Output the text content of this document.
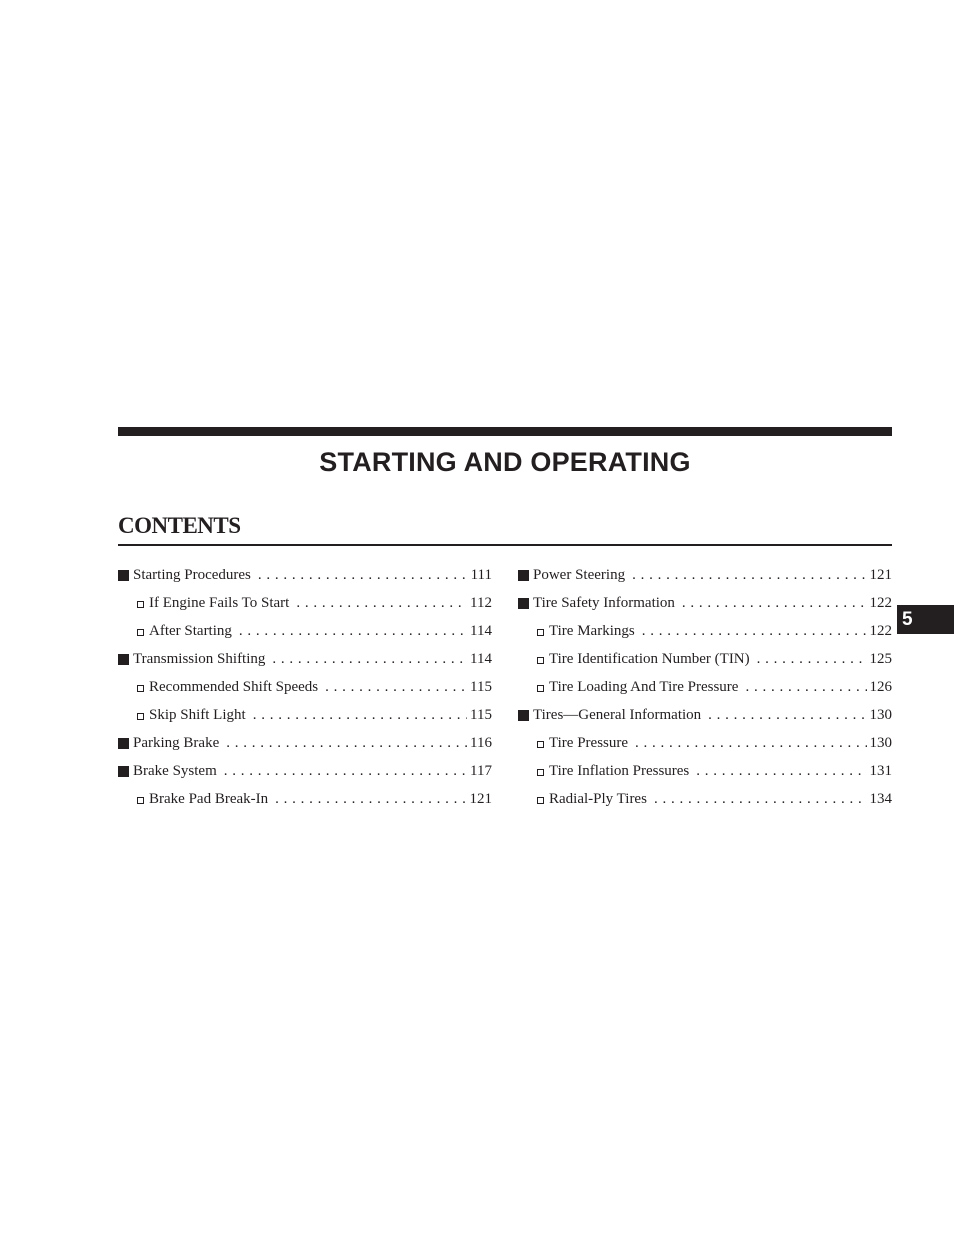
STARTING AND OPERATING
CONTENTS
Starting Procedures . . .	111
If Engine Fails To Start . . .	112
After Starting . . .	114
Transmission Shifting . . .	114
Recommended Shift Speeds . . .	115
Skip Shift Light . . .	115
Parking Brake . . .	116
Brake System . . .	117
Brake Pad Break-In . . .	121
Power Steering . . .	121
Tire Safety Information . . .	122
Tire Markings . . .	122
Tire Identification Number (TIN) . . .	125
Tire Loading And Tire Pressure . . .	126
Tires—General Information . . .	130
Tire Pressure . . .	130
Tire Inflation Pressures . . .	131
Radial-Ply Tires . . .	134
5
